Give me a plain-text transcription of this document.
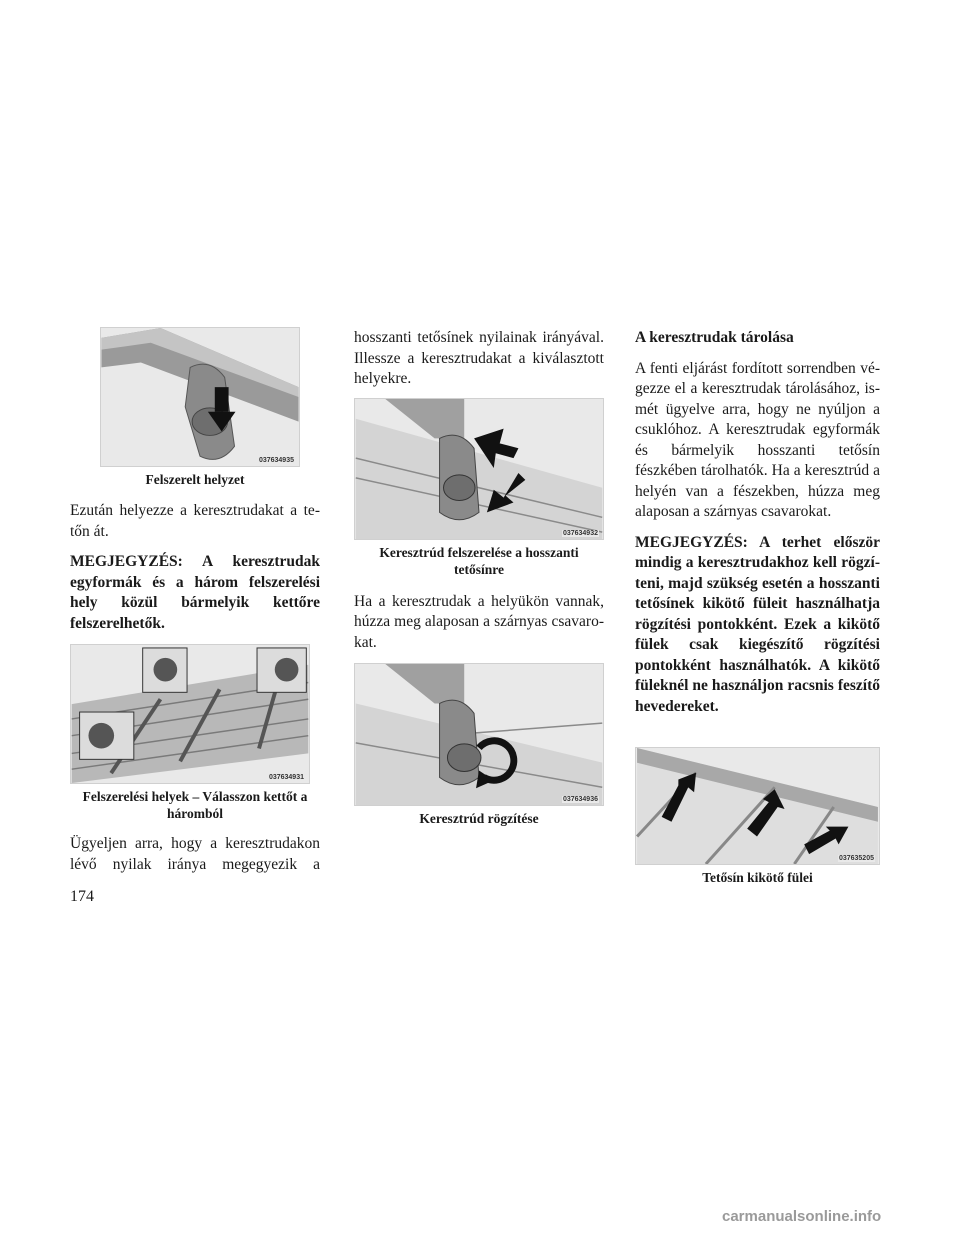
037634935
Felszerelt helyzet

Ezután helyezze a keresztrudakat a tetőn át.

MEGJEGYZÉS: A keresztrudak egyformák és a három felszerelési hely közül bármelyik kettőre felszerelhetők.

037634931
Felszerelési helyek – Válasszon kettőt a háromból

Ügyeljen arra, hogy a keresztrudakon lévő nyilak iránya megegyezik a

hosszanti tetősínek nyilainak irányával. Illessze a keresztrudakat a kiválasztott helyekre.

037634932
Keresztrúd felszerelése a hosszanti tetősínre

Ha a keresztrudak a helyükön vannak, húzza meg alaposan a szárnyas csavarokat.

037634936
Keresztrúd rögzítése
A keresztrudak tárolása

A fenti eljárást fordított sorrendben végezze el a keresztrudak tárolásához, ismét ügyelve arra, hogy ne nyúljon a csuklóhoz. A keresztrudak egyformák és bármelyik hosszanti tetősín fészkében tárolhatók. Ha a keresztrúd a helyén van a fészekben, húzza meg alaposan a szárnyas csavarokat.

MEGJEGYZÉS: A terhet először mindig a keresztrudakhoz kell rögzíteni, majd szükség esetén a hosszanti tetősínek kikötő füleit használhatja rögzítési pontokként. Ezek a kikötő fülek csak kiegészítő rögzítési pontokként használhatók. A kikötő füleknél ne használjon racsnis feszítő hevedereket.

037635205
Tetősín kikötő fülei
174
carmanualsonline.info
